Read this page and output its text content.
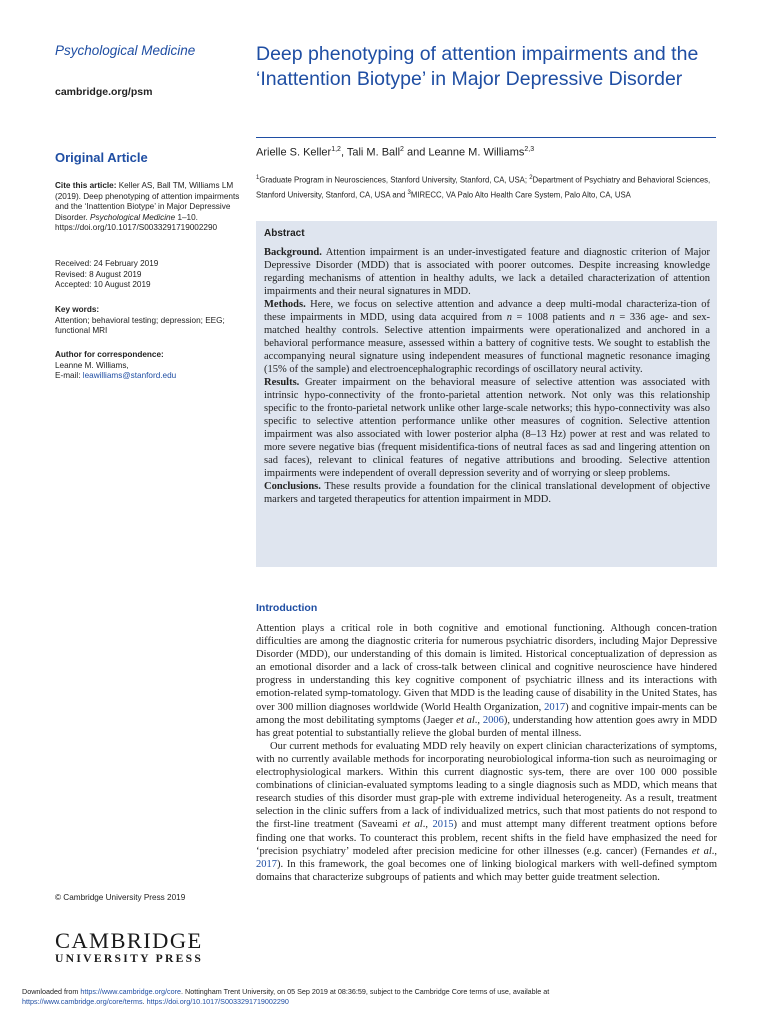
Psychological Medicine
cambridge.org/psm
Original Article
Cite this article: Keller AS, Ball TM, Williams LM (2019). Deep phenotyping of attention impairments and the ‘Inattention Biotype’ in Major Depressive Disorder. Psychological Medicine 1–10. https://doi.org/10.1017/S0033291719002290
Received: 24 February 2019
Revised: 8 August 2019
Accepted: 10 August 2019
Key words:
Attention; behavioral testing; depression; EEG; functional MRI
Author for correspondence:
Leanne M. Williams,
E-mail: leawilliams@stanford.edu
© Cambridge University Press 2019
CAMBRIDGE
UNIVERSITY PRESS
Deep phenotyping of attention impairments and the ‘Inattention Biotype’ in Major Depressive Disorder
Arielle S. Keller$^{1,2}$, Tali M. Ball$^2$ and Leanne M. Williams$^{2,3}$
$^1$Graduate Program in Neurosciences, Stanford University, Stanford, CA, USA; $^2$Department of Psychiatry and Behavioral Sciences, Stanford University, Stanford, CA, USA and $^3$MIRECC, VA Palo Alto Health Care System, Palo Alto, CA, USA
Abstract

Background. Attention impairment is an under-investigated feature and diagnostic criterion of Major Depressive Disorder (MDD) that is associated with poorer outcomes. Despite increasing knowledge regarding mechanisms of attention in healthy adults, we lack a detailed characterization of attention impairments and their neural signatures in MDD.

Methods. Here, we focus on selective attention and advance a deep multi-modal characteriza-tion of these impairments in MDD, using data acquired from n = 1008 patients and n = 336 age- and sex-matched healthy controls. Selective attention impairments were operationalized and anchored in a behavioral performance measure, assessed within a battery of cognitive tests. We sought to establish the accompanying neural signature using independent measures of functional magnetic resonance imaging (15% of the sample) and electroencephalographic recordings of oscillatory neural activity.

Results. Greater impairment on the behavioral measure of selective attention was associated with intrinsic hypo-connectivity of the fronto-parietal attention network. Not only was this relationship specific to the fronto-parietal network unlike other large-scale networks; this hypo-connectivity was also specific to selective attention performance unlike other measures of cognition. Selective attention impairment was also associated with lower posterior alpha (8–13 Hz) power at rest and was related to more severe negative bias (frequent misidentifica-tions of neutral faces as sad and lingering attention on sad faces), relevant to clinical features of negative attributions and brooding. Selective attention impairments were independent of overall depression severity and of worrying or sleep problems.

Conclusions. These results provide a foundation for the clinical translational development of objective markers and targeted therapeutics for attention impairment in MDD.

Introduction

Attention plays a critical role in both cognitive and emotional functioning. Although concen-tration difficulties are among the diagnostic criteria for numerous psychiatric disorders, including Major Depressive Disorder (MDD), our understanding of this domain is limited. Historical conceptualization of depression as an emotional disorder and a lack of cross-talk between clinical and cognitive neuroscience have hindered progress in understanding this key cognitive component of psychiatric illness and its interactions with emotion-related symp-tomatology. Given that MDD is the leading cause of disability in the United States, has over 300 million diagnoses worldwide (World Health Organization, 2017) and cognitive impair-ments can be among the most debilitating symptoms (Jaeger et al., 2006), understanding how attention goes awry in MDD has great potential to substantially relieve the global burden of mental illness.

Our current methods for evaluating MDD rely heavily on expert clinician characterizations of symptoms, with no currently available methods for incorporating neurobiological informa-tion such as neuroimaging or electrophysiological markers. Within this current diagnostic sys-tem, there are over 100 000 possible combinations of clinician-evaluated symptoms leading to a single diagnosis such as MDD, which means that research studies of this disorder must grap-ple with extreme individual heterogeneity. As a result, treatment selection in the clinic suffers from a lack of individualized metrics, such that most patients do not respond to the first-line treatment (Saveami et al., 2015) and must attempt many different treatment options before finding one that works. To counteract this problem, recent shifts in the field have emphasized the need for ‘precision psychiatry’ modeled after precision medicine for other illnesses (e.g. cancer) (Fernandes et al., 2017). In this framework, the goal becomes one of linking biological markers with well-defined symptom domains that characterize subgroups of patients and which may better guide treatment selection.

Downloaded from https://www.cambridge.org/core. Nottingham Trent University, on 05 Sep 2019 at 08:36:59, subject to the Cambridge Core terms of use, available at
https://www.cambridge.org/core/terms. https://doi.org/10.1017/S0033291719002290
